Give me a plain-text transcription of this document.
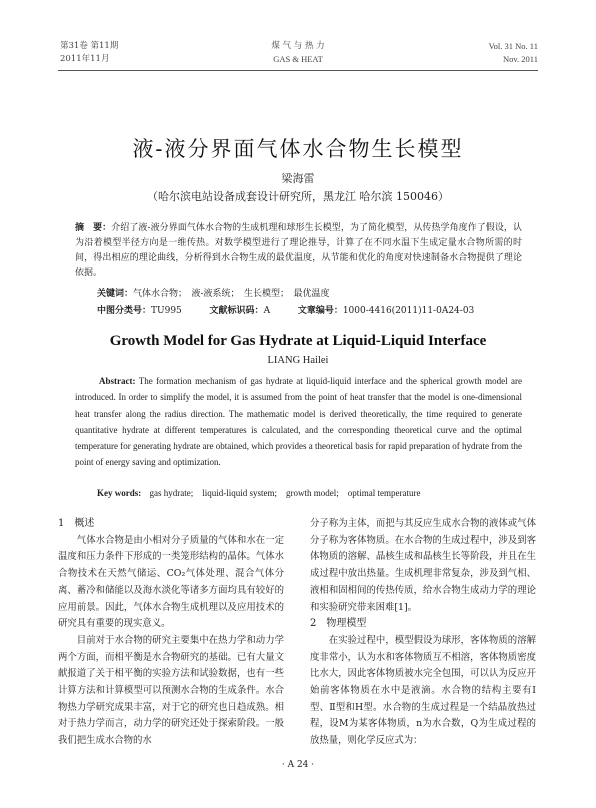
第31卷 第11期
2011年11月
煤 气 与 热 力
GAS & HEAT
Vol. 31 No. 11
Nov. 2011
液-液分界面气体水合物生长模型
梁海雷
（哈尔滨电站设备成套设计研究所，黑龙江 哈尔滨 150046）
摘　要：介绍了液-液分界面气体水合物的生成机理和球形生长模型，为了简化模型，从传热学角度作了假设，认为沿着模型半径方向是一维传热。对数学模型进行了理论推导，计算了在不同水温下生成定量水合物所需的时间，得出相应的理论曲线，分析得到水合物生成的最优温度，从节能和优化的角度对快速制备水合物提供了理论依据。
关键词：气体水合物；　液-液系统；　生长模型；　最优温度
中图分类号：TU995	文献标识码：A	文章编号：1000-4416(2011)11-0A24-03
Growth Model for Gas Hydrate at Liquid-Liquid Interface
LIANG Hailei
Abstract: The formation mechanism of gas hydrate at liquid-liquid interface and the spherical growth model are introduced. In order to simplify the model, it is assumed from the point of heat transfer that the model is one-dimensional heat transfer along the radius direction. The mathematic model is derived theoretically, the time required to generate quantitative hydrate at different temperatures is calculated, and the corresponding theoretical curve and the optimal temperature for generating hydrate are obtained, which provides a theoretical basis for rapid preparation of hydrate from the point of energy saving and optimization.
Key words: gas hydrate;　liquid-liquid system;　growth model;　optimal temperature
1　概述

气体水合物是由小相对分子质量的气体和水在一定温度和压力条件下形成的一类笼形结构的晶体。气体水合物技术在天然气储运、CO₂气体处理、混合气体分离、蓄冷和储能以及海水淡化等诸多方面均具有较好的应用前景。因此，气体水合物生成机理以及应用技术的研究具有重要的现实意义。

目前对于水合物的研究主要集中在热力学和动力学两个方面，而相平衡是水合物研究的基础。已有大量文献报道了关于相平衡的实验方法和试验数据，也有一些计算方法和计算模型可以预测水合物的生成条件。水合物热力学研究成果丰富，对于它的研究也日趋成熟。相对于热力学而言，动力学的研究还处于探索阶段。一般我们把生成水合物的水

分子称为主体，而把与其反应生成水合物的液体或气体分子称为客体物质。在水合物的生成过程中，涉及到客体物质的溶解、晶核生成和晶核生长等阶段，并且在生成过程中放出热量。生成机理非常复杂，涉及到气相、液相和固相间的传热传质，给水合物生成动力学的理论和实验研究带来困难[1]。

2　物理模型

在实验过程中，模型假设为球形，客体物质的溶解度非常小，认为水和客体物质互不相溶，客体物质密度比水大，因此客体物质被水完全包围，可以认为反应开始前客体物质在水中是液滴。水合物的结构主要有Ⅰ型、Ⅱ型和H型。水合物的生成过程是一个结晶放热过程，设M为某客体物质，n为水合数，Q为生成过程的放热量，则化学反应式为：

· A 24 ·
